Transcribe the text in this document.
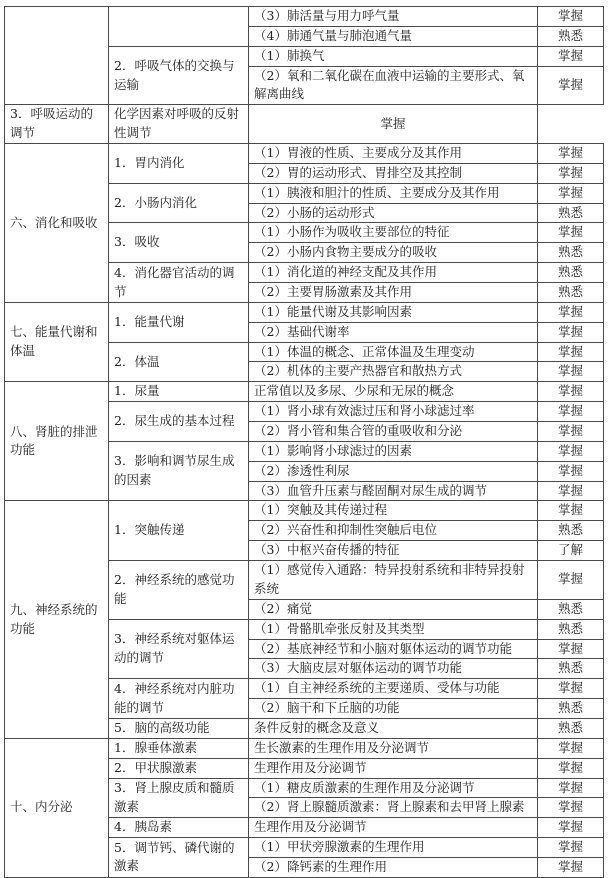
		（3）肺活量与用力呼气量	掌握
		（4）肺通气量与肺泡通气量	熟悉
	2．呼吸气体的交换与运输	（1）肺换气	掌握
		（2）氧和二氧化碳在血液中运输的主要形式、氧解离曲线	掌握

3．呼吸运动的调节	化学因素对呼吸的反射性调节	掌握	
六、消化和吸收	1．胃内消化	（1）胃液的性质、主要成分及其作用	掌握
		（2）胃的运动形式、胃排空及其控制	掌握
	2．小肠内消化	（1）胰液和胆汁的性质、主要成分及其作用	掌握
		（2）小肠的运动形式	熟悉
	3．吸收	（1）小肠作为吸收主要部位的特征	掌握
		（2）小肠内食物主要成分的吸收	熟悉
	4．消化器官活动的调节	（1）消化道的神经支配及其作用	熟悉
		（2）主要胃肠激素及其作用	熟悉
七、能量代谢和体温	1．能量代谢	（1）能量代谢及其影响因素	掌握
		（2）基础代谢率	掌握
	2．体温	（1）体温的概念、正常体温及生理变动	掌握
		（2）机体的主要产热器官和散热方式	掌握
八、肾脏的排泄功能	1．尿量	正常值以及多尿、少尿和无尿的概念	掌握
	2．尿生成的基本过程	（1）肾小球有效滤过压和肾小球滤过率	掌握
		（2）肾小管和集合管的重吸收和分泌	掌握
	3．影响和调节尿生成的因素	（1）影响肾小球滤过的因素	掌握
		（2）渗透性利尿	掌握
		（3）血管升压素与醛固酮对尿生成的调节	掌握
九、神经系统的功能	1．突触传递	（1）突触及其传递过程	掌握
		（2）兴奋性和抑制性突触后电位	熟悉
		（3）中枢兴奋传播的特征	了解
	2．神经系统的感觉功能	（1）感觉传入通路：特异投射系统和非特异投射系统	掌握

		（2）痛觉	熟悉
	3．神经系统对躯体运动的调节	（1）骨骼肌牵张反射及其类型	熟悉
		（2）基底神经节和小脑对躯体运动的调节功能	掌握
		（3）大脑皮层对躯体运动的调节功能	熟悉
	4．神经系统对内脏功能的调节	（1）自主神经系统的主要递质、受体与功能	掌握
		（2）脑干和下丘脑的功能	熟悉
	5．脑的高级功能	条件反射的概念及意义	熟悉
十、内分泌	1．腺垂体激素	生长激素的生理作用及分泌调节	掌握
	2．甲状腺激素	生理作用及分泌调节	掌握
	3．肾上腺皮质和髓质激素	（1）糖皮质激素的生理作用及分泌调节	掌握
		（2）肾上腺髓质激素：肾上腺素和去甲肾上腺素	掌握
	4．胰岛素	生理作用及分泌调节	掌握
	5．调节钙、磷代谢的激素	（1）甲状旁腺激素的生理作用	掌握
		（2）降钙素的生理作用	掌握
